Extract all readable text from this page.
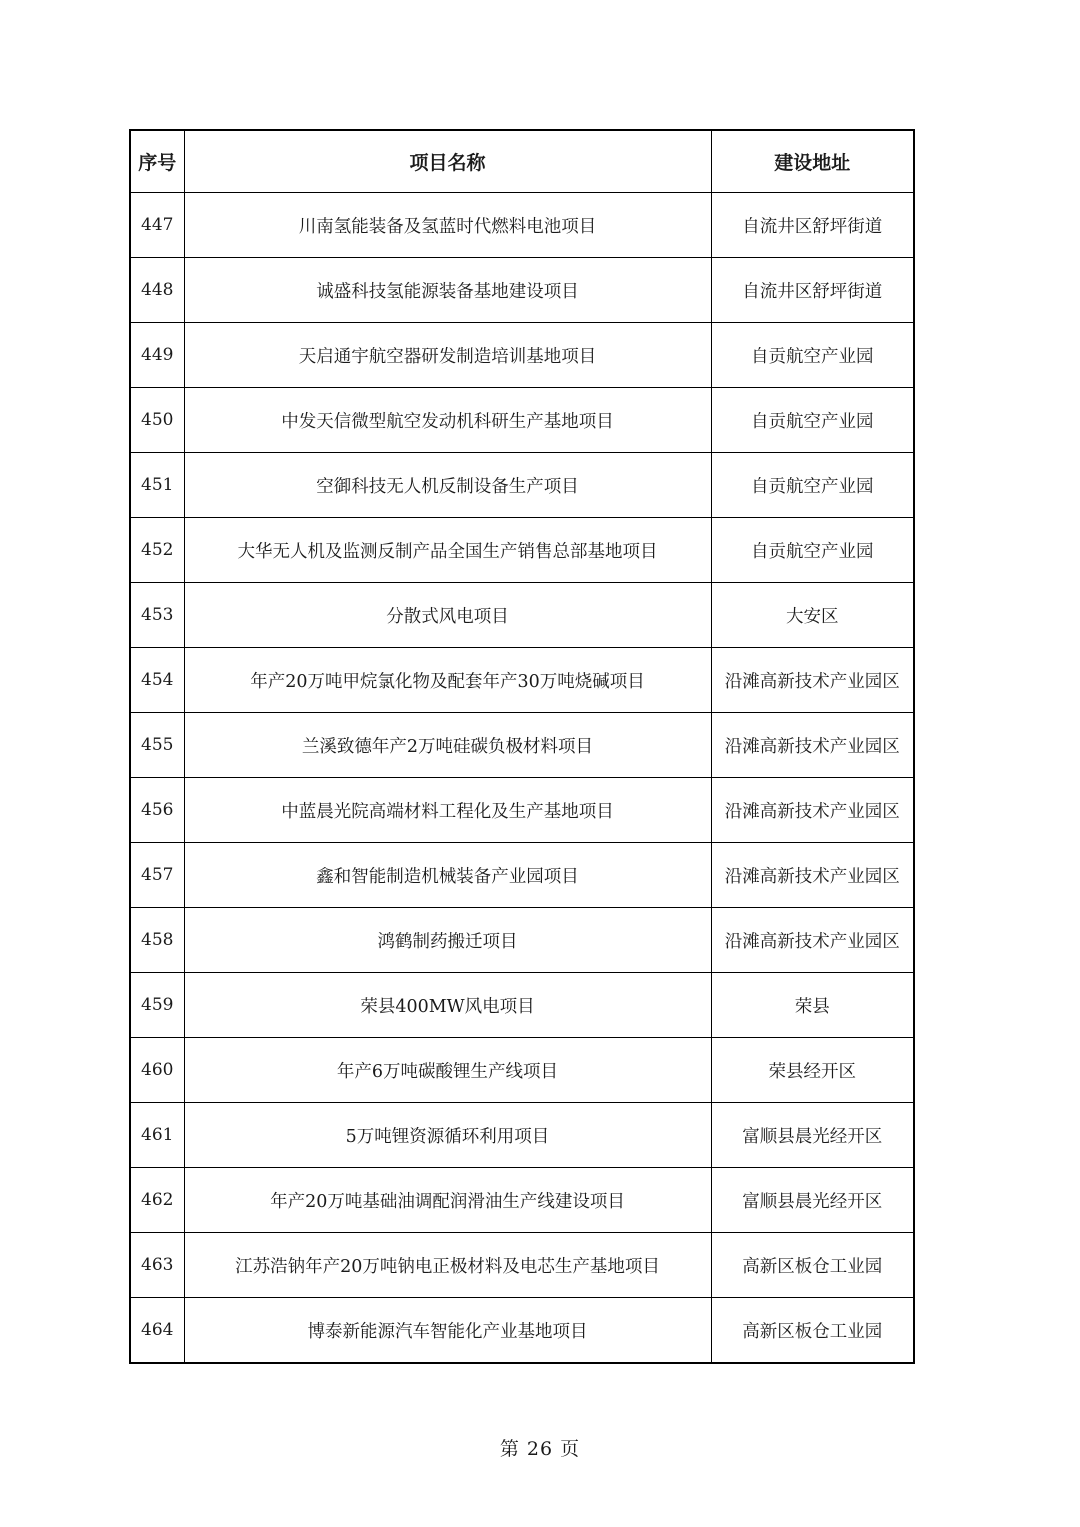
序号	项目名称	建设地址
447	川南氢能装备及氢蓝时代燃料电池项目	自流井区舒坪街道
448	诚盛科技氢能源装备基地建设项目	自流井区舒坪街道
449	天启通宇航空器研发制造培训基地项目	自贡航空产业园
450	中发天信微型航空发动机科研生产基地项目	自贡航空产业园
451	空御科技无人机反制设备生产项目	自贡航空产业园
452	大华无人机及监测反制产品全国生产销售总部基地项目	自贡航空产业园
453	分散式风电项目	大安区
454	年产20万吨甲烷氯化物及配套年产30万吨烧碱项目	沿滩高新技术产业园区
455	兰溪致德年产2万吨硅碳负极材料项目	沿滩高新技术产业园区
456	中蓝晨光院高端材料工程化及生产基地项目	沿滩高新技术产业园区
457	鑫和智能制造机械装备产业园项目	沿滩高新技术产业园区
458	鸿鹤制药搬迁项目	沿滩高新技术产业园区
459	荣县400MW风电项目	荣县
460	年产6万吨碳酸锂生产线项目	荣县经开区
461	5万吨锂资源循环利用项目	富顺县晨光经开区
462	年产20万吨基础油调配润滑油生产线建设项目	富顺县晨光经开区
463	江苏浩钠年产20万吨钠电正极材料及电芯生产基地项目	高新区板仓工业园
464	博泰新能源汽车智能化产业基地项目	高新区板仓工业园
第 26 页
